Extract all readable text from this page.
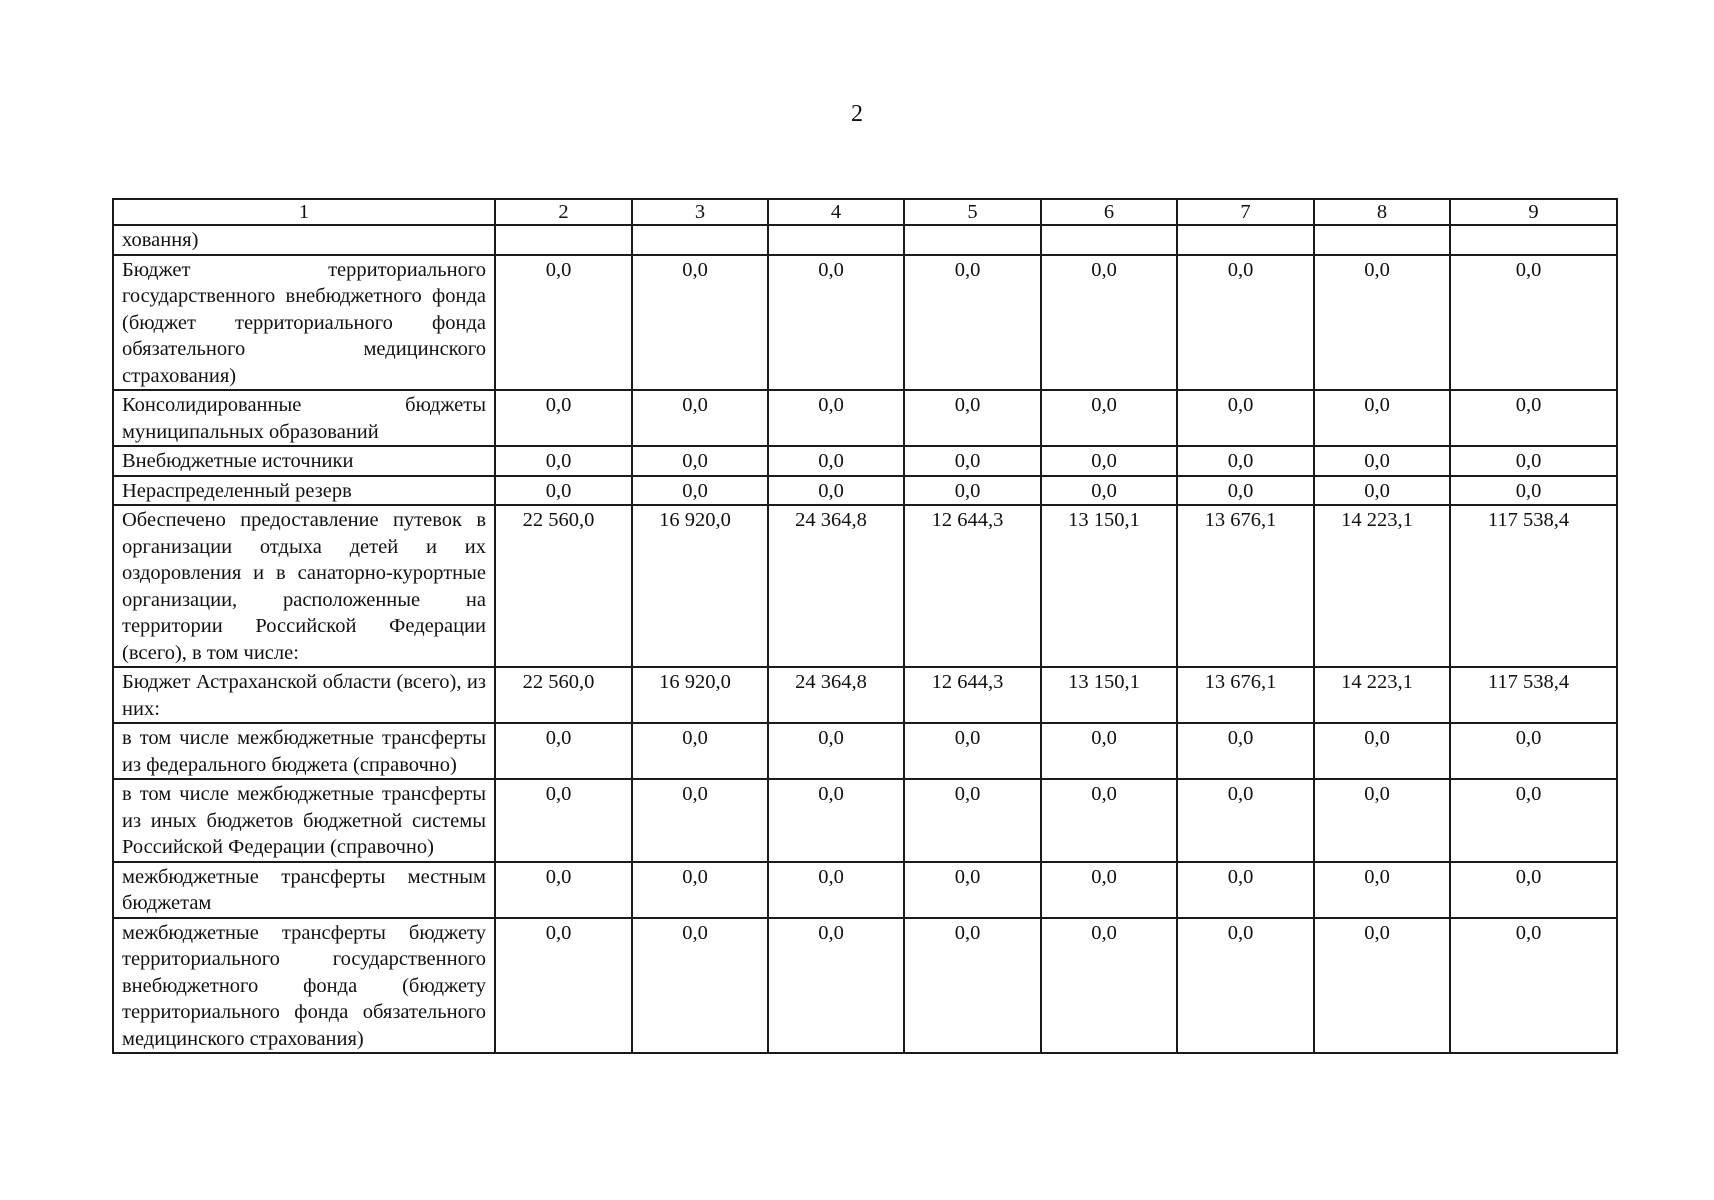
2
1	2	3	4	5	6	7	8	9
ховання)								
Бюджет территориального государственного внебюджетного фонда (бюджет территориального фонда обязательного медицинского страхования)	0,0	0,0	0,0	0,0	0,0	0,0	0,0	0,0
Консолидированные бюджеты муниципальных образований	0,0	0,0	0,0	0,0	0,0	0,0	0,0	0,0
Внебюджетные источники	0,0	0,0	0,0	0,0	0,0	0,0	0,0	0,0
Нераспределенный резерв	0,0	0,0	0,0	0,0	0,0	0,0	0,0	0,0
Обеспечено предоставление путевок в организации отдыха детей и их оздоровления и в санаторно-курортные организации, расположенные на территории Российской Федерации (всего), в том числе:	22 560,0	16 920,0	24 364,8	12 644,3	13 150,1	13 676,1	14 223,1	117 538,4
Бюджет Астраханской области (всего), из них:	22 560,0	16 920,0	24 364,8	12 644,3	13 150,1	13 676,1	14 223,1	117 538,4
в том числе межбюджетные трансферты из федерального бюджета (справочно)	0,0	0,0	0,0	0,0	0,0	0,0	0,0	0,0
в том числе межбюджетные трансферты из иных бюджетов бюджетной системы Российской Федерации (справочно)	0,0	0,0	0,0	0,0	0,0	0,0	0,0	0,0
межбюджетные трансферты местным бюджетам	0,0	0,0	0,0	0,0	0,0	0,0	0,0	0,0
межбюджетные трансферты бюджету территориального государственного внебюджетного фонда (бюджету территориального фонда обязательного медицинского страхования)	0,0	0,0	0,0	0,0	0,0	0,0	0,0	0,0
